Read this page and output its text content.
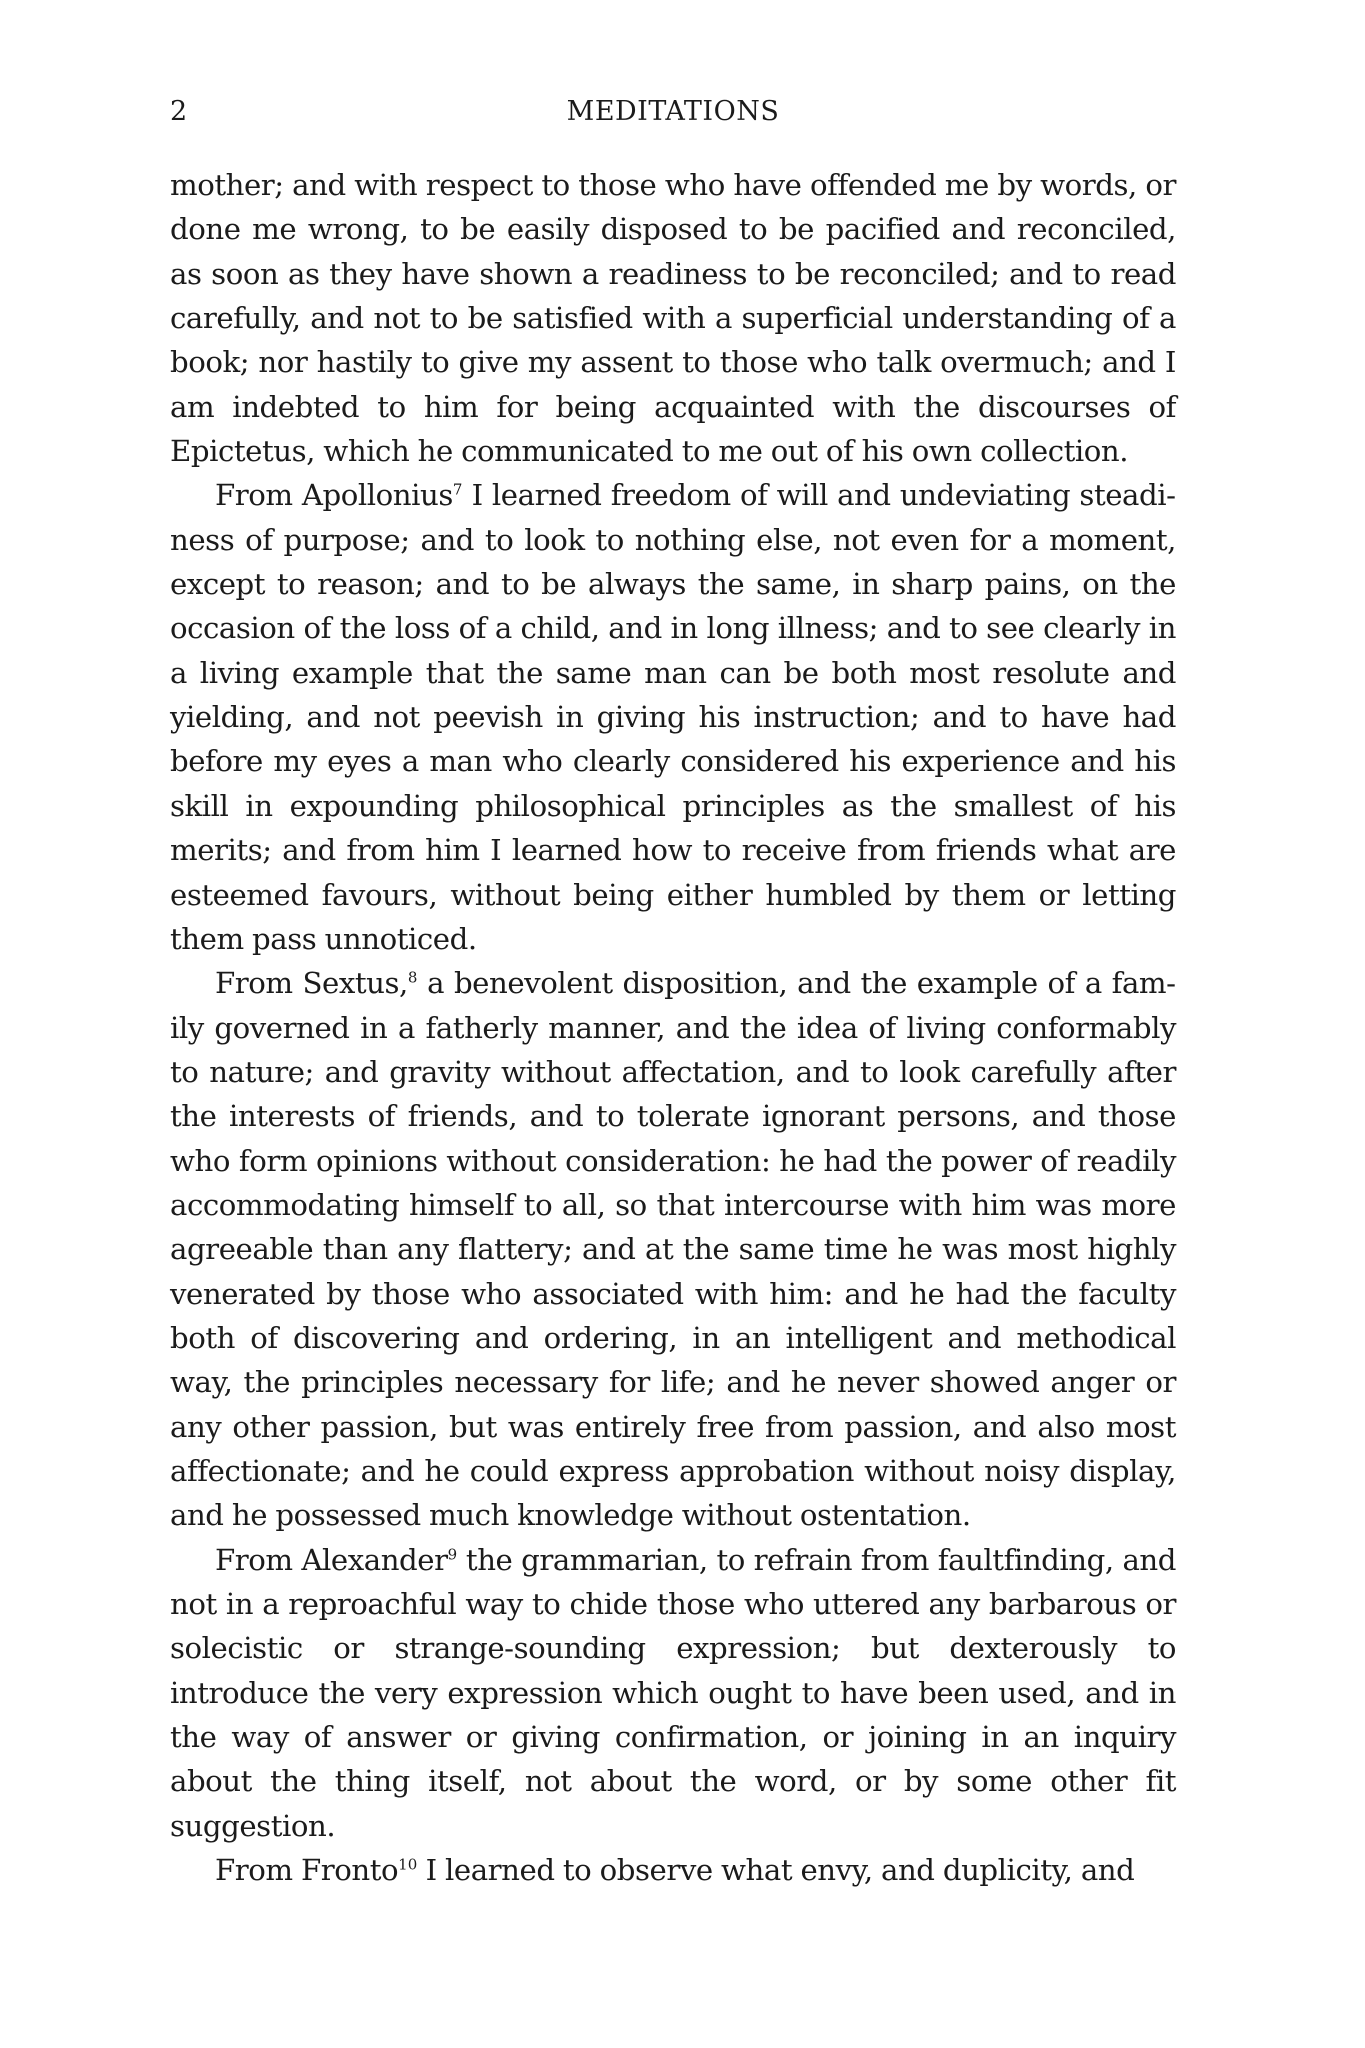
2	MEDITATIONS

mother; and with respect to those who have offended me by words, or done me wrong, to be easily disposed to be pacified and reconciled, as soon as they have shown a readiness to be reconciled; and to read carefully, and not to be satisfied with a superficial understanding of a book; nor hastily to give my assent to those who talk overmuch; and I am indebted to him for being acquainted with the discourses of Epictetus, which he communicated to me out of his own collection.

From Apollonius$^7$ I learned freedom of will and undeviating steadiness of purpose; and to look to nothing else, not even for a moment, except to reason; and to be always the same, in sharp pains, on the occasion of the loss of a child, and in long illness; and to see clearly in a living example that the same man can be both most resolute and yielding, and not peevish in giving his instruction; and to have had before my eyes a man who clearly considered his experience and his skill in expounding philosophical principles as the smallest of his merits; and from him I learned how to receive from friends what are esteemed favours, without being either humbled by them or letting them pass unnoticed.

From Sextus,$^8$ a benevolent disposition, and the example of a family governed in a fatherly manner, and the idea of living conformably to nature; and gravity without affectation, and to look carefully after the interests of friends, and to tolerate ignorant persons, and those who form opinions without consideration: he had the power of readily accommodating himself to all, so that intercourse with him was more agreeable than any flattery; and at the same time he was most highly venerated by those who associated with him: and he had the faculty both of discovering and ordering, in an intelligent and methodical way, the principles necessary for life; and he never showed anger or any other passion, but was entirely free from passion, and also most affectionate; and he could express approbation without noisy display, and he possessed much knowledge without ostentation.

From Alexander$^9$ the grammarian, to refrain from faultfinding, and not in a reproachful way to chide those who uttered any barbarous or solecistic or strange-sounding expression; but dexterously to introduce the very expression which ought to have been used, and in the way of answer or giving confirmation, or joining in an inquiry about the thing itself, not about the word, or by some other fit suggestion.

From Fronto$^{10}$ I learned to observe what envy, and duplicity, and
